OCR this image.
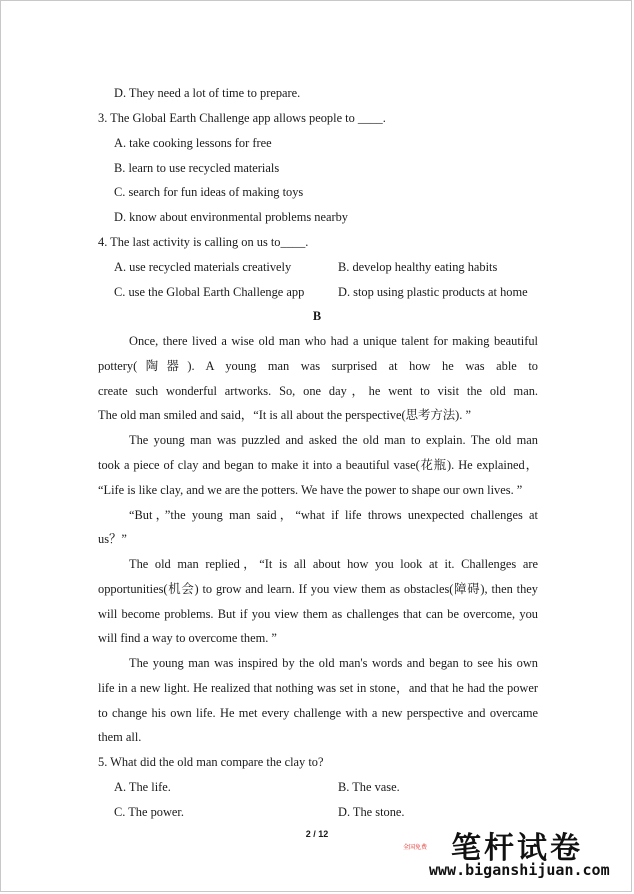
D. They need a lot of time to prepare.
3. The Global Earth Challenge app allows people to ____.
A. take cooking lessons for free
B. learn to use recycled materials
C. search for fun ideas of making toys
D. know about environmental problems nearby
4. The last activity is calling on us to____.
A. use recycled materials creatively	B. develop healthy eating habits
C. use the Global Earth Challenge app	D. stop using plastic products at home
B
Once, there lived a wise old man who had a unique talent for making beautiful
pottery(陶器). A young man was surprised at how he was able to
create such wonderful artworks. So, one day，he went to visit the old man.
The old man smiled and said，“It is all about the perspective(思考方法). ”
The young man was puzzled and asked the old man to explain. The old man
took a piece of clay and began to make it into a beautiful vase(花瓶). He explained，
“Life is like clay, and we are the potters. We have the power to shape our own lives. ”
“But，”the young man said，“what if life throws unexpected challenges at
us？”
The old man replied，“It is all about how you look at it. Challenges are
opportunities(机会) to grow and learn. If you view them as obstacles(障碍), then they
will become problems. But if you view them as challenges that can be overcome, you
will find a way to overcome them. ”
The young man was inspired by the old man's words and began to see his own
life in a new light. He realized that nothing was set in stone，and that he had the power
to change his own life. He met every challenge with a new perspective and overcame
them all.
5. What did the old man compare the clay to?
A. The life.	B. The vase.
C. The power.	D. The stone.
2 / 12
全国免费 笔杆试卷
www.biganshijuan.com
